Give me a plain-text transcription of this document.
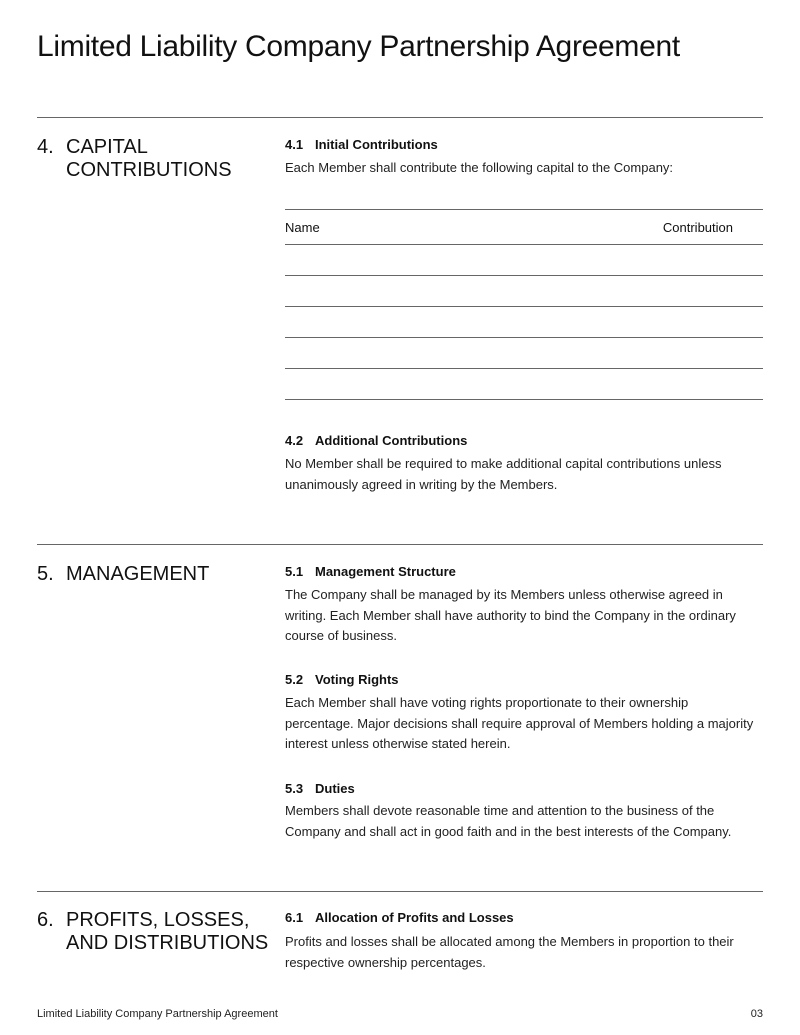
Limited Liability Company Partnership Agreement
4. CAPITAL
CONTRIBUTIONS
4.1 Initial Contributions
Each Member shall contribute the following capital to the Company:
Name	Contribution
4.2 Additional Contributions
No Member shall be required to make additional capital contributions unless unanimously agreed in writing by the Members.
5. MANAGEMENT	5.1 Management Structure
The Company shall be managed by its Members unless otherwise agreed in writing. Each Member shall have authority to bind the Company in the ordinary course of business.
5.2 Voting Rights
Each Member shall have voting rights proportionate to their ownership percentage. Major decisions shall require approval of Members holding a majority interest unless otherwise stated herein.
5.3 Duties
Members shall devote reasonable time and attention to the business of the Company and shall act in good faith and in the best interests of the Company.
6. PROFITS, LOSSES,
AND DISTRIBUTIONS
6.1 Allocation of Profits and Losses
Profits and losses shall be allocated among the Members in proportion to their respective ownership percentages.
Limited Liability Company Partnership Agreement	03
